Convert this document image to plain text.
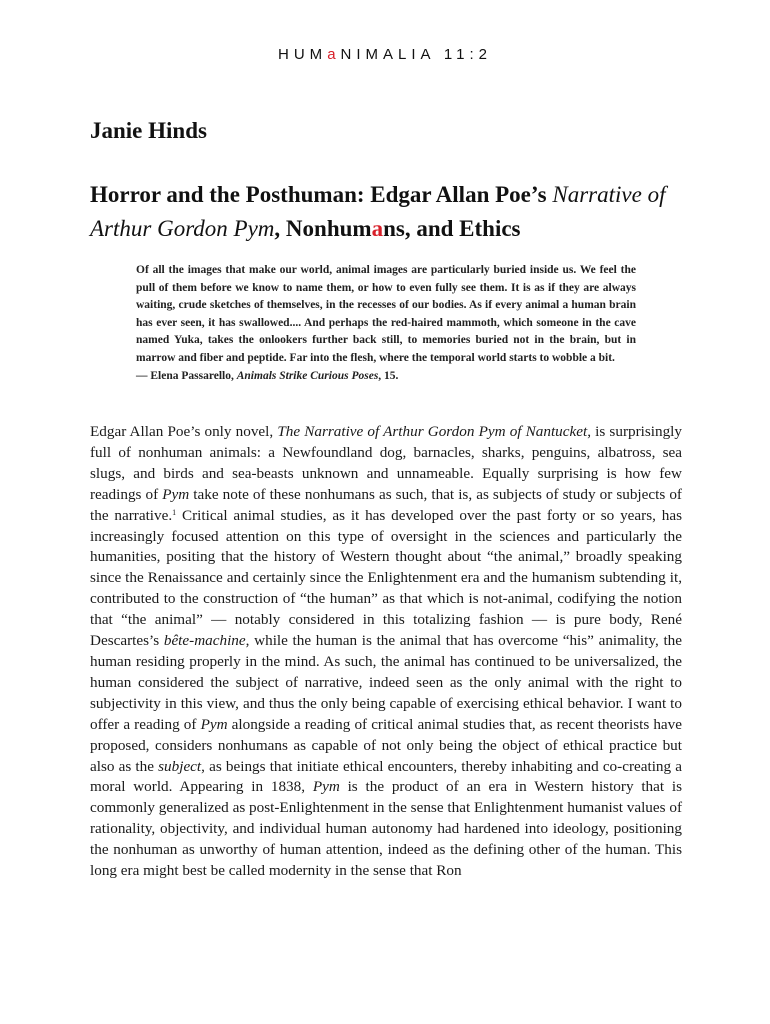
HUMaNIMALIA 11:2
Janie Hinds
Horror and the Posthuman: Edgar Allan Poe’s Narrative of Arthur Gordon Pym, Nonhumans, and Ethics
Of all the images that make our world, animal images are particularly buried inside us. We feel the pull of them before we know to name them, or how to even fully see them. It is as if they are always waiting, crude sketches of themselves, in the recesses of our bodies. As if every animal a human brain has ever seen, it has swallowed.... And perhaps the red-haired mammoth, which someone in the cave named Yuka, takes the onlookers further back still, to memories buried not in the brain, but in marrow and fiber and peptide. Far into the flesh, where the temporal world starts to wobble a bit.
— Elena Passarello, Animals Strike Curious Poses, 15.
Edgar Allan Poe’s only novel, The Narrative of Arthur Gordon Pym of Nantucket, is surprisingly full of nonhuman animals: a Newfoundland dog, barnacles, sharks, penguins, albatross, sea slugs, and birds and sea-beasts unknown and unnameable. Equally surprising is how few readings of Pym take note of these nonhumans as such, that is, as subjects of study or subjects of the narrative.$^1$ Critical animal studies, as it has developed over the past forty or so years, has increasingly focused attention on this type of oversight in the sciences and particularly the humanities, positing that the history of Western thought about “the animal,” broadly speaking since the Renaissance and certainly since the Enlightenment era and the humanism subtending it, contributed to the construction of “the human” as that which is not-animal, codifying the notion that “the animal” — notably considered in this totalizing fashion — is pure body, René Descartes’s bête-machine, while the human is the animal that has overcome “his” animality, the human residing properly in the mind. As such, the animal has continued to be universalized, the human considered the subject of narrative, indeed seen as the only animal with the right to subjectivity in this view, and thus the only being capable of exercising ethical behavior. I want to offer a reading of Pym alongside a reading of critical animal studies that, as recent theorists have proposed, considers nonhumans as capable of not only being the object of ethical practice but also as the subject, as beings that initiate ethical encounters, thereby inhabiting and co-creating a moral world. Appearing in 1838, Pym is the product of an era in Western history that is commonly generalized as post-Enlightenment in the sense that Enlightenment humanist values of rationality, objectivity, and individual human autonomy had hardened into ideology, positioning the nonhuman as unworthy of human attention, indeed as the defining other of the human. This long era might best be called modernity in the sense that Ron
